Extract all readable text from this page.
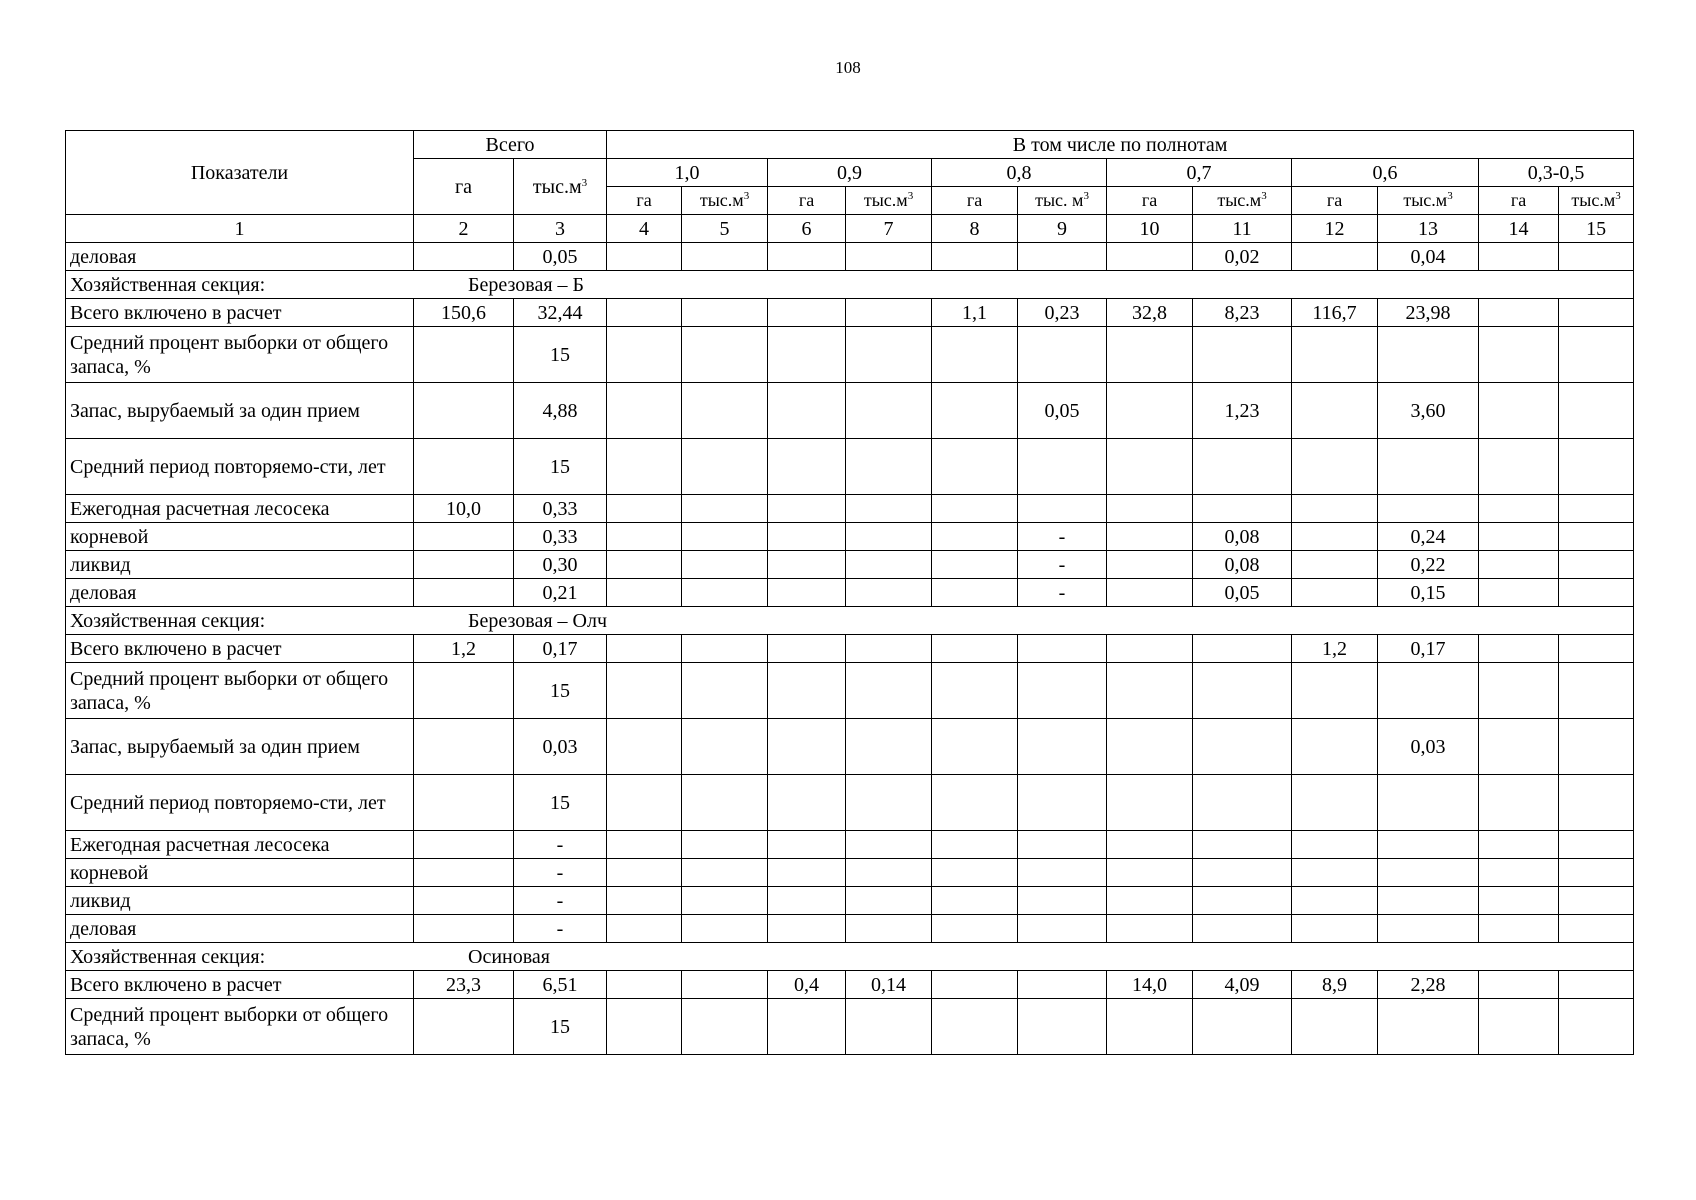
108
Показатели	Всего		В том числе по полнотам											
	га	$тыс.м^3$	1,0		0,9		0,8		0,7		0,6		0,3-0,5	
			га	$тыс.м^3$	га	$тыс.м^3$	га	тыс. $м^3$	га	$тыс.м^3$	га	$тыс.м^3$	га	$тыс.м^3$
1	2	3	4	5	6	7	8	9	10	11	12	13	14	15
деловая		0,05								0,02		0,04		
Хозяйственная секция: Березовая – Б														
Всего включено в расчет	150,6	32,44					1,1	0,23	32,8	8,23	116,7	23,98		
Средний процент выборки от общего запаса, %		15												
Запас, вырубаемый за один прием		4,88						0,05		1,23		3,60		
Средний период повторяемо-сти, лет		15												
Ежегодная расчетная лесосека	10,0	0,33												
корневой		0,33						-		0,08		0,24		
ликвид		0,30						-		0,08		0,22		
деловая		0,21						-		0,05		0,15		
Хозяйственная секция: Березовая – Олч														
Всего включено в расчет	1,2	0,17									1,2	0,17		
Средний процент выборки от общего запаса, %		15												
Запас, вырубаемый за один прием		0,03										0,03		
Средний период повторяемо-сти, лет		15												
Ежегодная расчетная лесосека		-												
корневой		-												
ликвид		-												
деловая		-												
Хозяйственная секция: Осиновая														
Всего включено в расчет	23,3	6,51			0,4	0,14			14,0	4,09	8,9	2,28		
Средний процент выборки от общего запаса, %		15												
